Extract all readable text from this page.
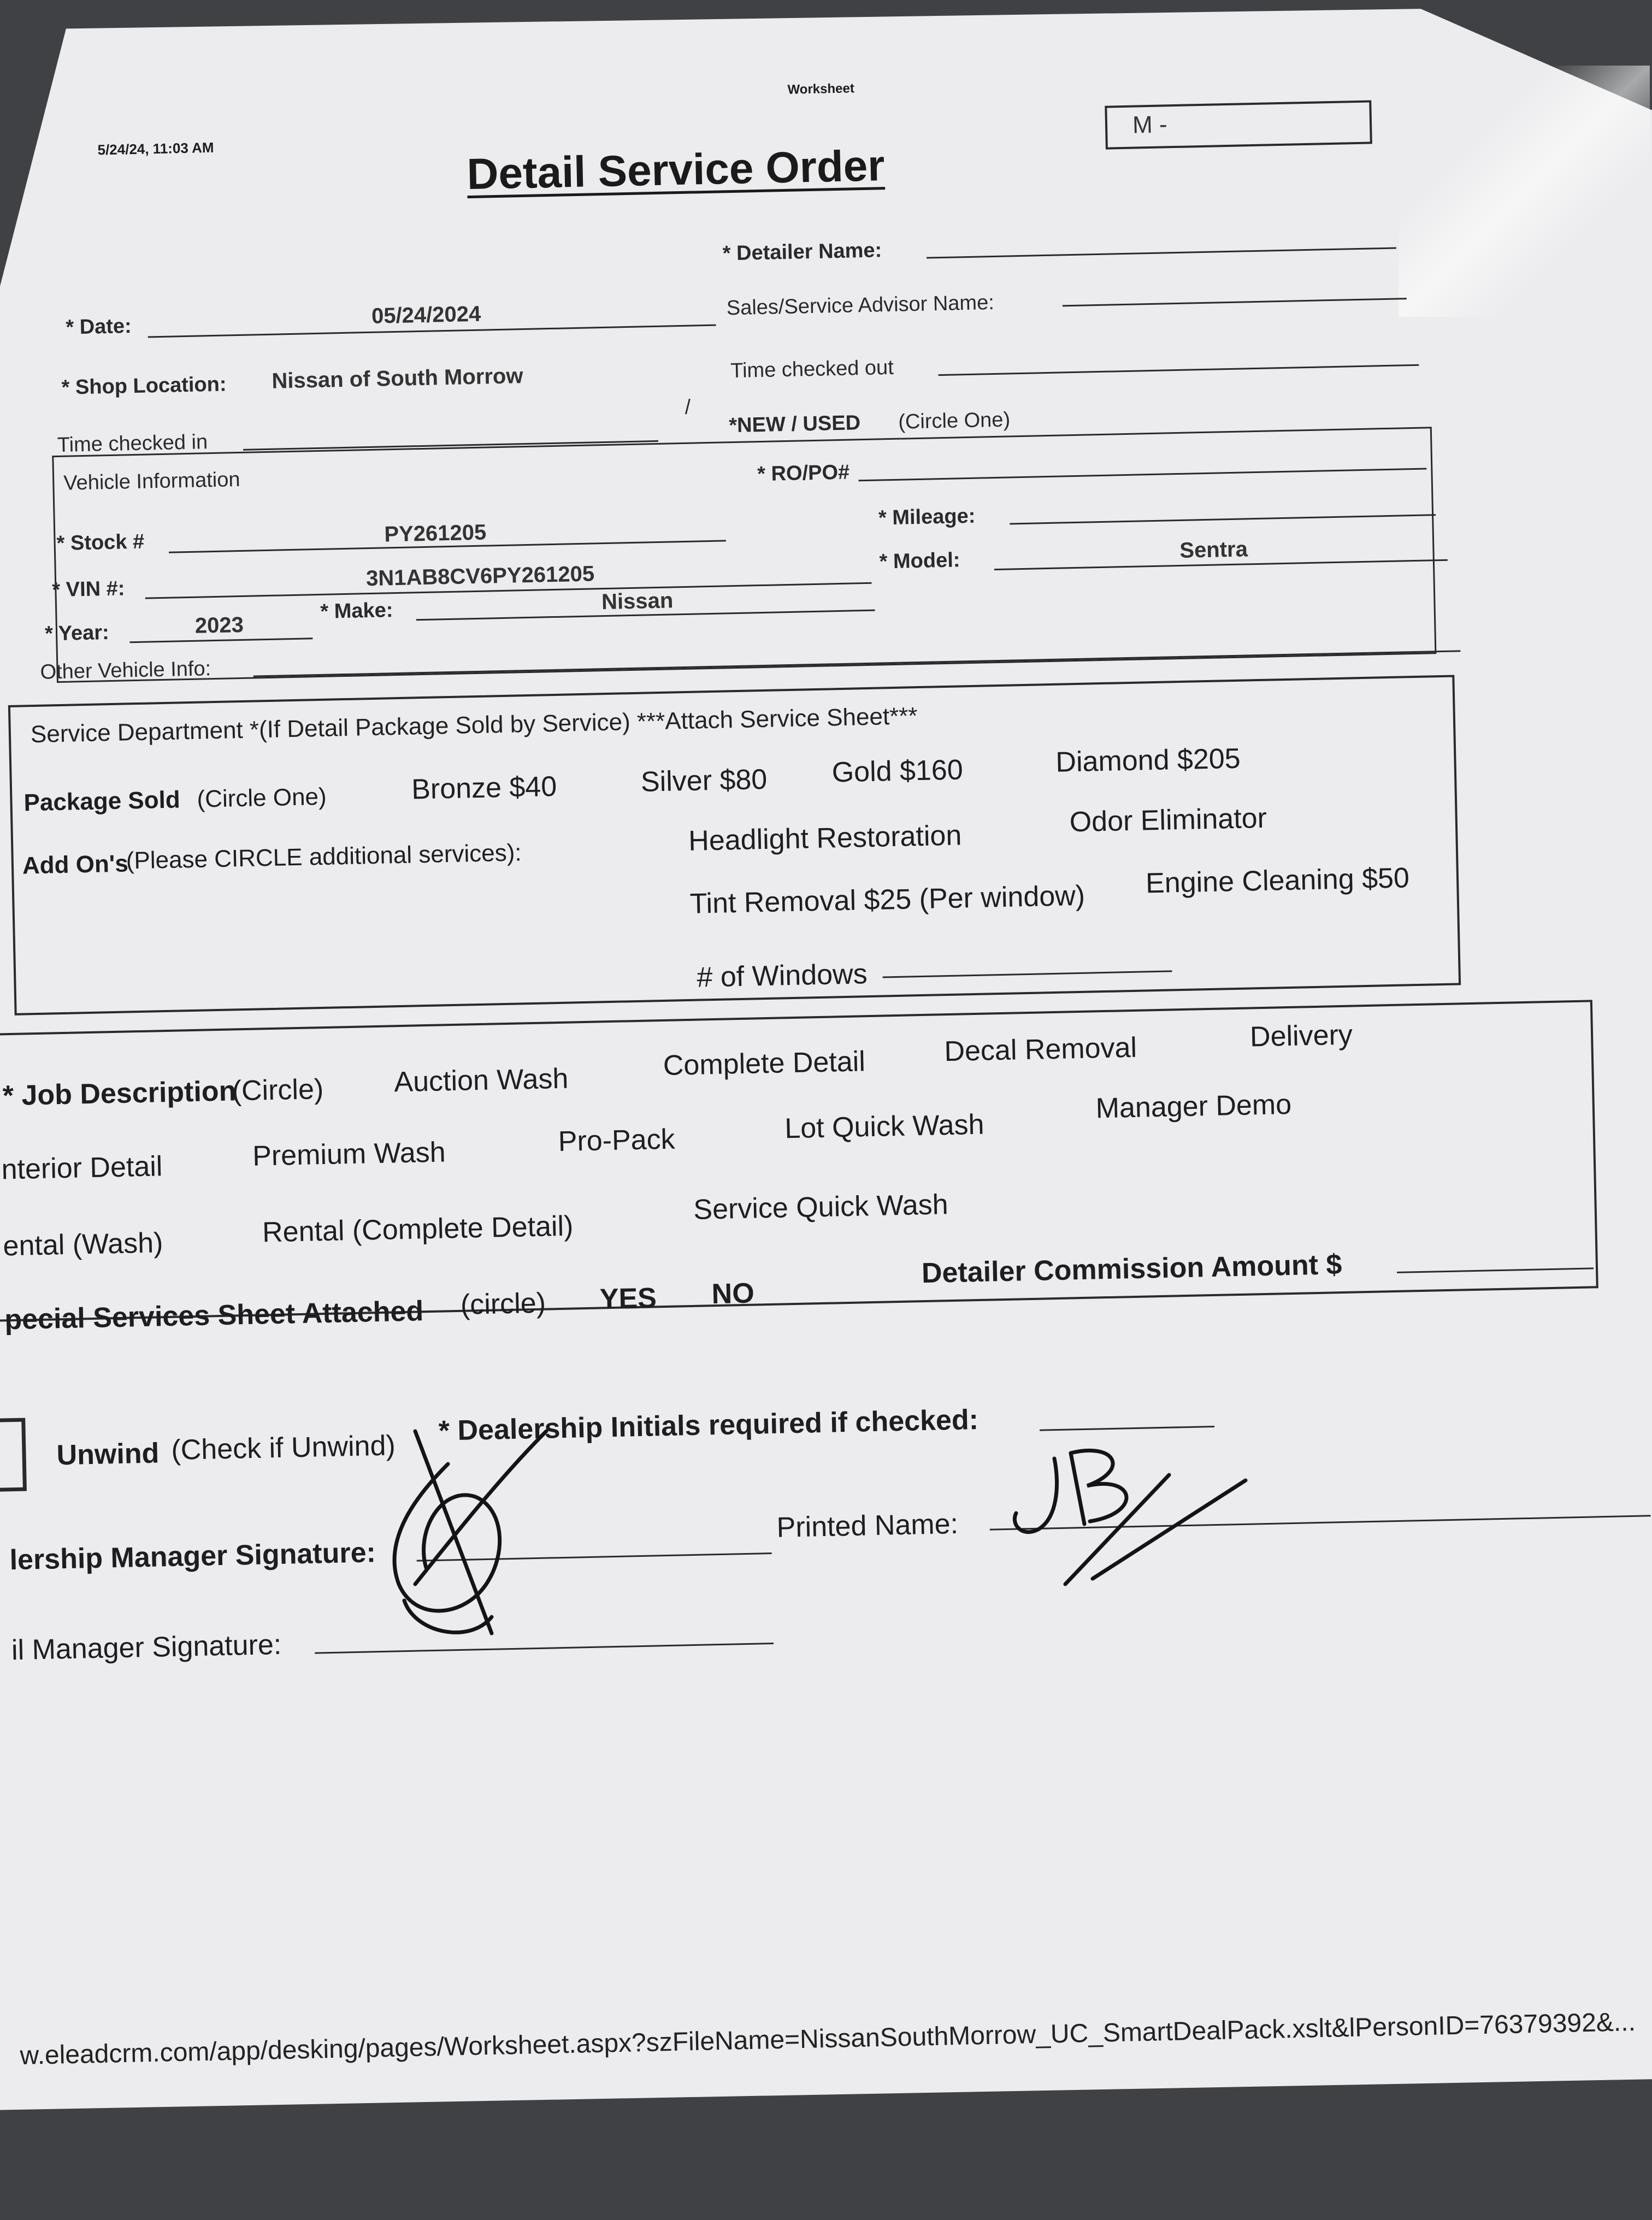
5/24/24, 11:03 AM
Worksheet
Detail Service Order
M -
* Detailer Name:
* Date:	05/24/2024	Sales/Service Advisor Name:
* Shop Location: Nissan of South Morrow	Time checked out
Time checked in
/
*NEW / USED (Circle One)
Vehicle Information	* RO/PO#
* Stock #	PY261205
* Mileage:
* VIN #:	3N1AB8CV6PY261205
* Model:	Sentra
* Year:	2023
* Make:	Nissan
Other Vehicle Info:
Service Department *(If Detail Package Sold by Service) ***Attach Service Sheet***
Package Sold (Circle One)	Bronze $40	Silver $80 Gold $160	Diamond $205
Add On's
(Please CIRCLE additional services):	Headlight Restoration	Odor Eliminator
Tint Removal $25 (Per window) Engine Cleaning $50
# of Windows
* Job Description
(Circle) Auction Wash	Complete Detail	Decal Removal	Delivery
nterior Detail	Premium Wash	Pro-Pack	Lot Quick Wash
Manager Demo
ental (Wash)	Rental (Complete Detail)
Service Quick Wash
pecial Services Sheet Attached (circle) YES NO
Detailer Commission Amount $
Unwind (Check if Unwind)
* Dealership Initials required if checked:
lership Manager Signature:
Printed Name:
il Manager Signature:
w.eleadcrm.com/app/desking/pages/Worksheet.aspx?szFileName=NissanSouthMorrow_UC_SmartDealPack.xslt&lPersonID=76379392&...
